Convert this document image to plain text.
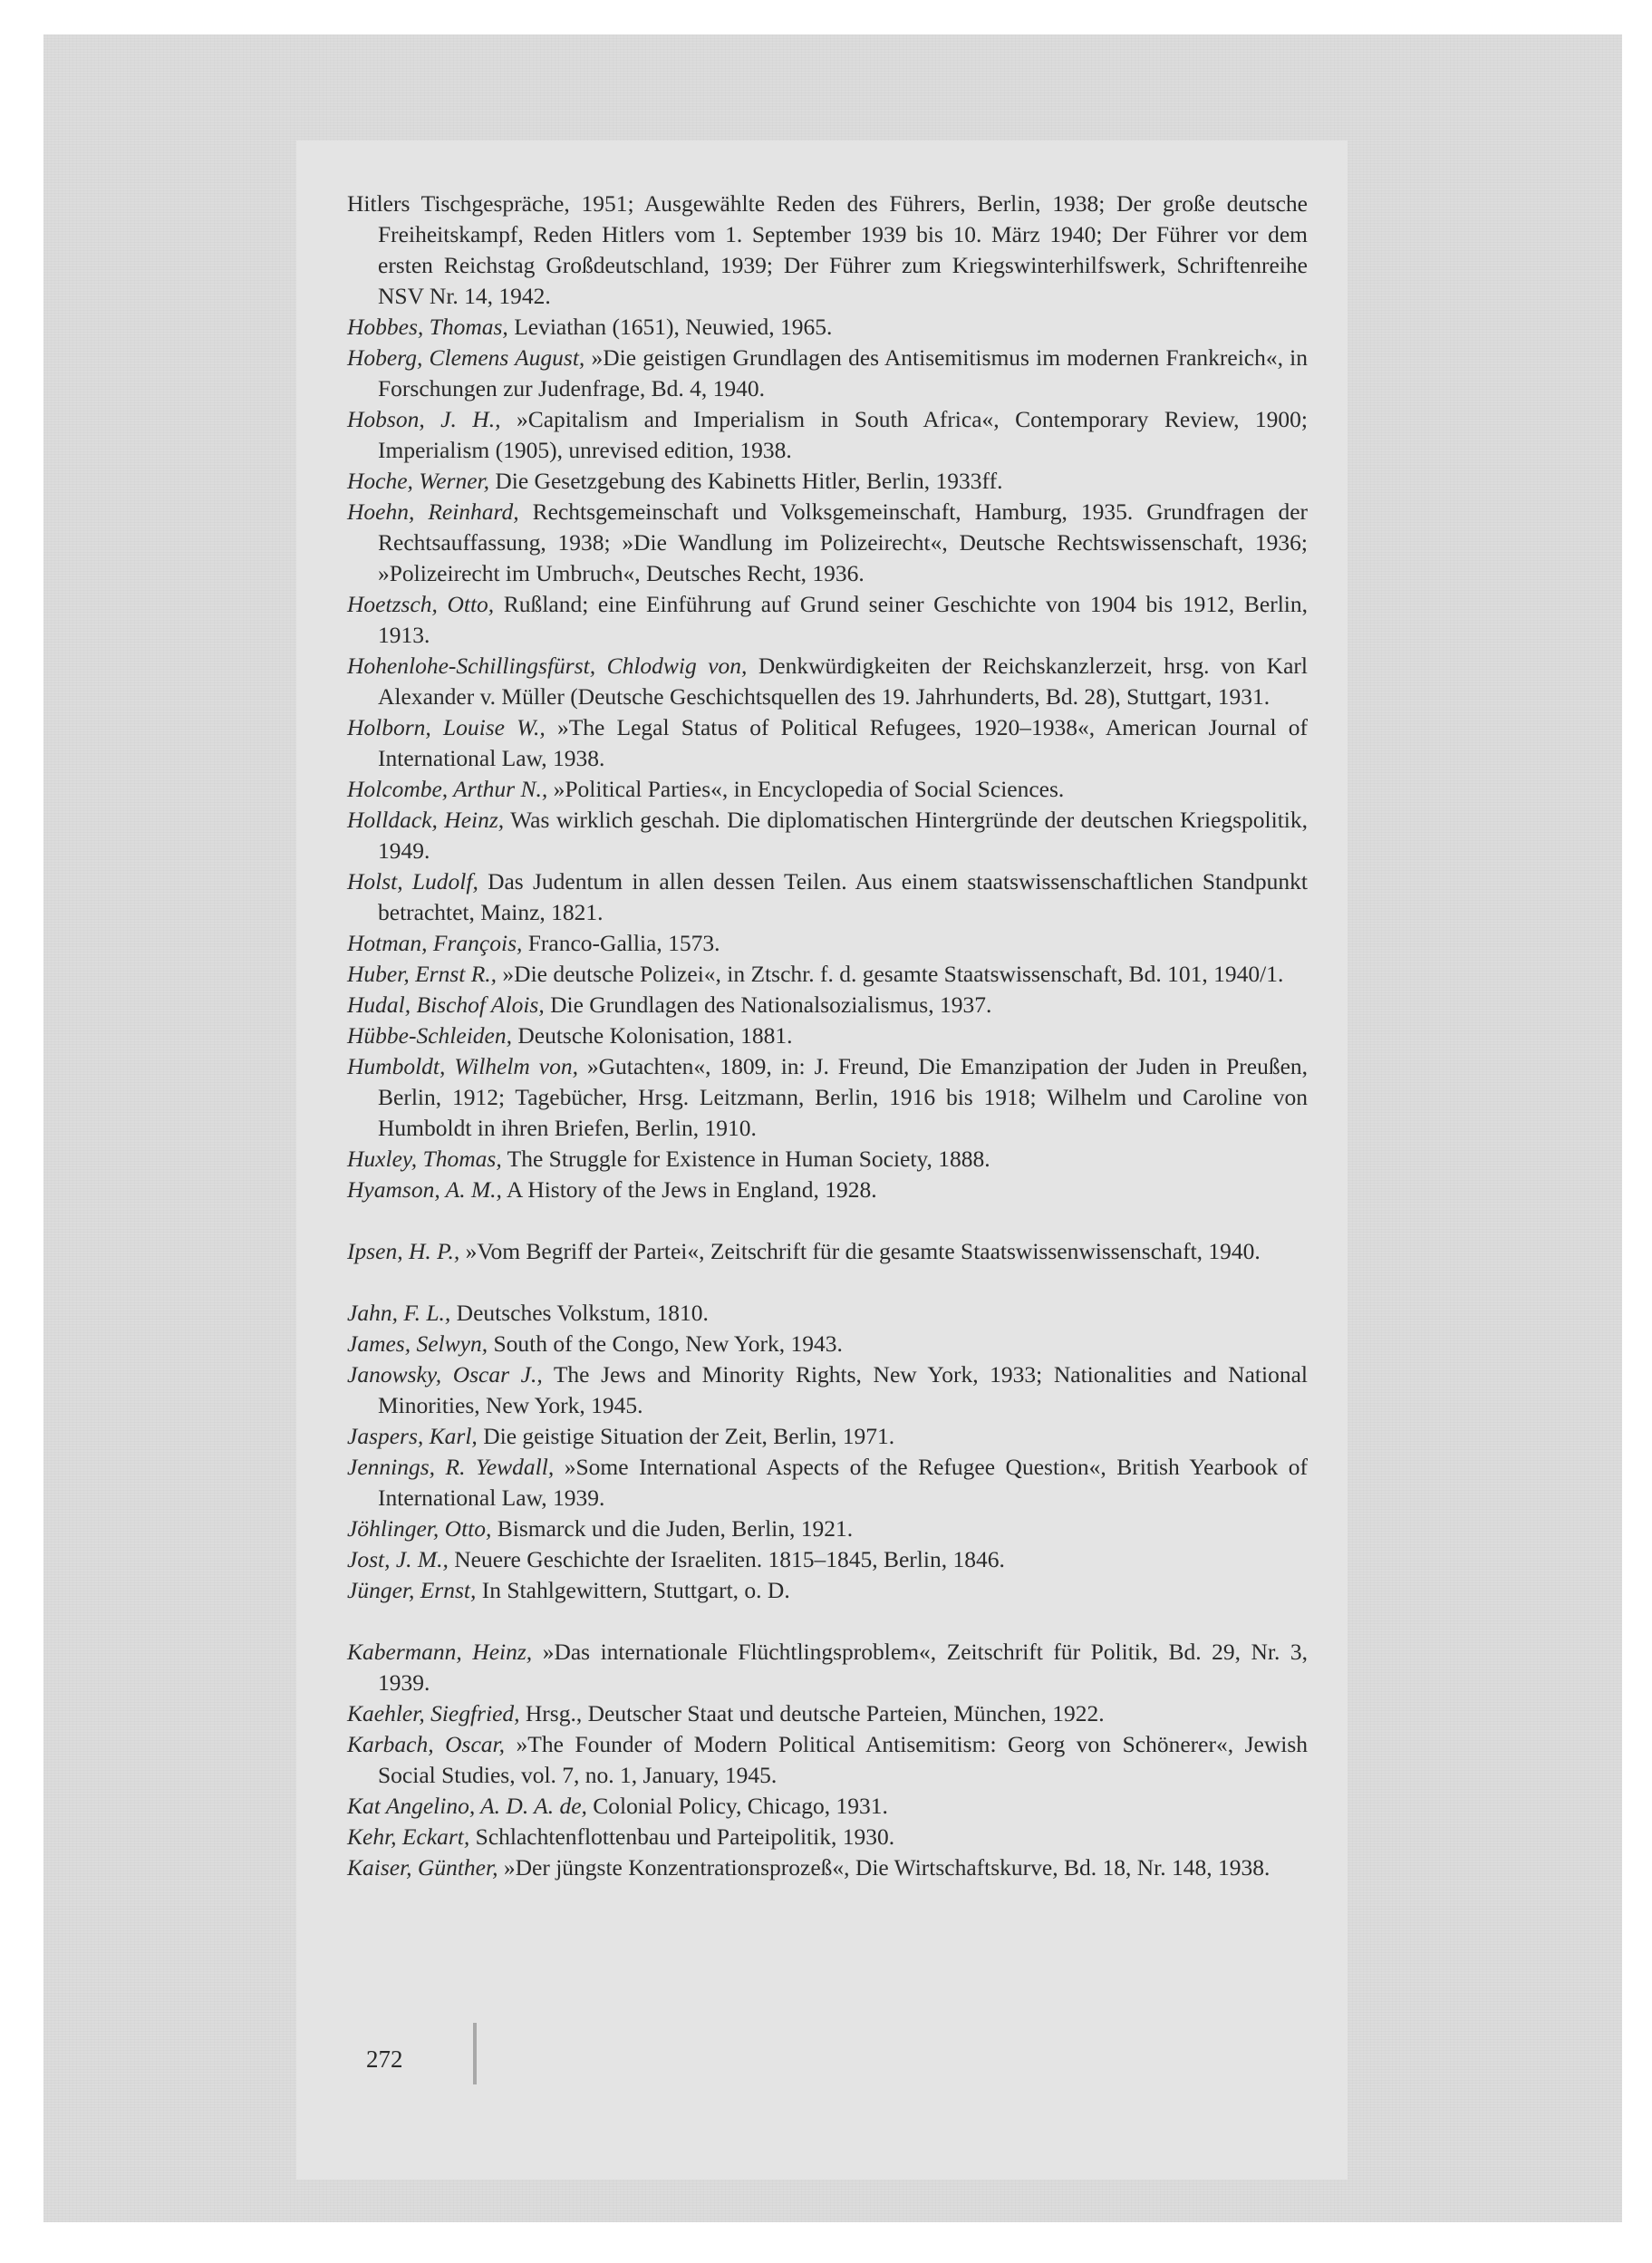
Hitlers Tischgespräche, 1951; Ausgewählte Reden des Führers, Berlin, 1938; Der große deutsche Freiheitskampf, Reden Hitlers vom 1. September 1939 bis 10. März 1940; Der Führer vor dem ersten Reichstag Großdeutschland, 1939; Der Führer zum Kriegswinterhilfswerk, Schriftenreihe NSV Nr. 14, 1942.

Hobbes, Thomas, Leviathan (1651), Neuwied, 1965.

Hoberg, Clemens August, »Die geistigen Grundlagen des Antisemitismus im modernen Frankreich«, in Forschungen zur Judenfrage, Bd. 4, 1940.

Hobson, J. H., »Capitalism and Imperialism in South Africa«, Contemporary Review, 1900; Imperialism (1905), unrevised edition, 1938.

Hoche, Werner, Die Gesetzgebung des Kabinetts Hitler, Berlin, 1933ff.

Hoehn, Reinhard, Rechtsgemeinschaft und Volksgemeinschaft, Hamburg, 1935. Grundfragen der Rechtsauffassung, 1938; »Die Wandlung im Polizeirecht«, Deutsche Rechtswissenschaft, 1936; »Polizeirecht im Umbruch«, Deutsches Recht, 1936.

Hoetzsch, Otto, Rußland; eine Einführung auf Grund seiner Geschichte von 1904 bis 1912, Berlin, 1913.

Hohenlohe-Schillingsfürst, Chlodwig von, Denkwürdigkeiten der Reichskanzlerzeit, hrsg. von Karl Alexander v. Müller (Deutsche Geschichtsquellen des 19. Jahrhunderts, Bd. 28), Stuttgart, 1931.

Holborn, Louise W., »The Legal Status of Political Refugees, 1920–1938«, American Journal of International Law, 1938.

Holcombe, Arthur N., »Political Parties«, in Encyclopedia of Social Sciences.

Holldack, Heinz, Was wirklich geschah. Die diplomatischen Hintergründe der deutschen Kriegspolitik, 1949.

Holst, Ludolf, Das Judentum in allen dessen Teilen. Aus einem staatswissenschaftlichen Standpunkt betrachtet, Mainz, 1821.

Hotman, François, Franco-Gallia, 1573.

Huber, Ernst R., »Die deutsche Polizei«, in Ztschr. f. d. gesamte Staatswissenschaft, Bd. 101, 1940/1.

Hudal, Bischof Alois, Die Grundlagen des Nationalsozialismus, 1937.

Hübbe-Schleiden, Deutsche Kolonisation, 1881.

Humboldt, Wilhelm von, »Gutachten«, 1809, in: J. Freund, Die Emanzipation der Juden in Preußen, Berlin, 1912; Tagebücher, Hrsg. Leitzmann, Berlin, 1916 bis 1918; Wilhelm und Caroline von Humboldt in ihren Briefen, Berlin, 1910.

Huxley, Thomas, The Struggle for Existence in Human Society, 1888.

Hyamson, A. M., A History of the Jews in England, 1928.

Ipsen, H. P., »Vom Begriff der Partei«, Zeitschrift für die gesamte Staatswissenwissenschaft, 1940.

Jahn, F. L., Deutsches Volkstum, 1810.

James, Selwyn, South of the Congo, New York, 1943.

Janowsky, Oscar J., The Jews and Minority Rights, New York, 1933; Nationalities and National Minorities, New York, 1945.

Jaspers, Karl, Die geistige Situation der Zeit, Berlin, 1971.

Jennings, R. Yewdall, »Some International Aspects of the Refugee Question«, British Yearbook of International Law, 1939.

Jöhlinger, Otto, Bismarck und die Juden, Berlin, 1921.

Jost, J. M., Neuere Geschichte der Israeliten. 1815–1845, Berlin, 1846.

Jünger, Ernst, In Stahlgewittern, Stuttgart, o. D.

Kabermann, Heinz, »Das internationale Flüchtlingsproblem«, Zeitschrift für Politik, Bd. 29, Nr. 3, 1939.

Kaehler, Siegfried, Hrsg., Deutscher Staat und deutsche Parteien, München, 1922.

Karbach, Oscar, »The Founder of Modern Political Antisemitism: Georg von Schönerer«, Jewish Social Studies, vol. 7, no. 1, January, 1945.

Kat Angelino, A. D. A. de, Colonial Policy, Chicago, 1931.

Kehr, Eckart, Schlachtenflottenbau und Parteipolitik, 1930.

Kaiser, Günther, »Der jüngste Konzentrationsprozeß«, Die Wirtschaftskurve, Bd. 18, Nr. 148, 1938.

272
